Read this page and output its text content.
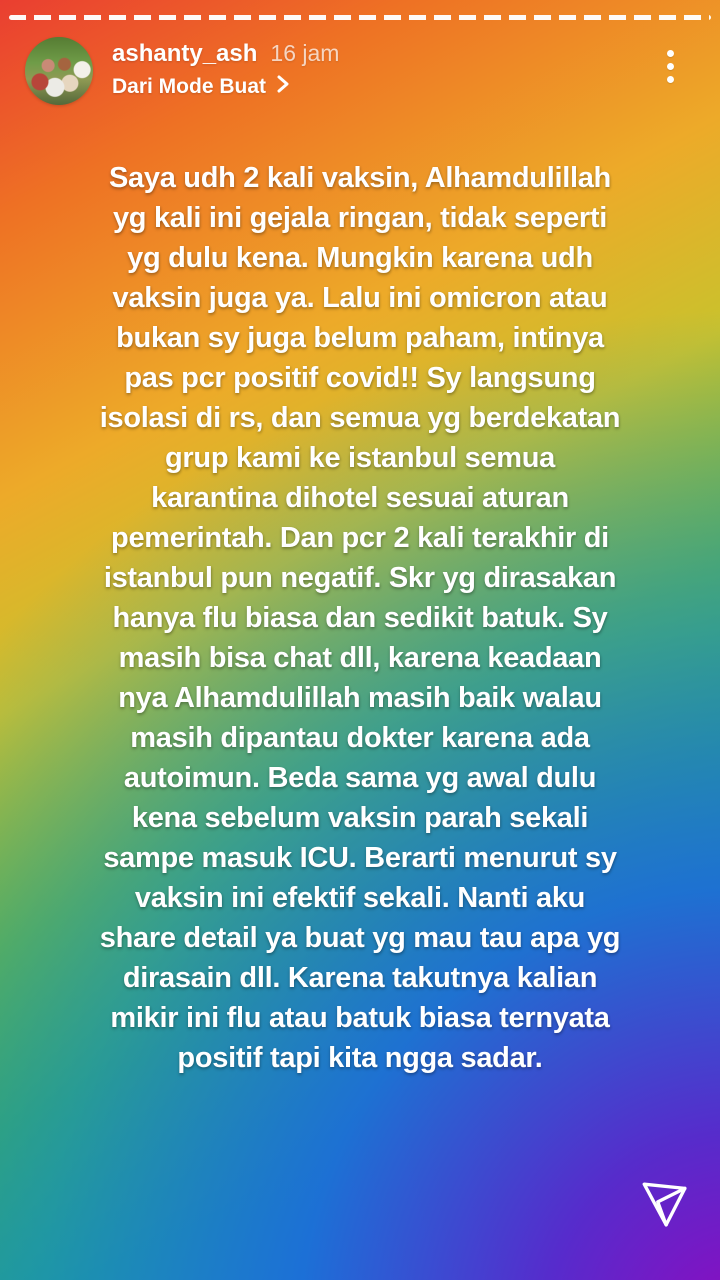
ashanty_ash 16 jam
Dari Mode Buat
Saya udh 2 kali vaksin, Alhamdulillah
yg kali ini gejala ringan, tidak seperti
yg dulu kena. Mungkin karena udh
vaksin juga ya. Lalu ini omicron atau
bukan sy juga belum paham, intinya
pas pcr positif covid!! Sy langsung
isolasi di rs, dan semua yg berdekatan
grup kami ke istanbul semua
karantina dihotel sesuai aturan
pemerintah. Dan pcr 2 kali terakhir di
istanbul pun negatif. Skr yg dirasakan
hanya flu biasa dan sedikit batuk. Sy
masih bisa chat dll, karena keadaan
nya Alhamdulillah masih baik walau
masih dipantau dokter karena ada
autoimun. Beda sama yg awal dulu
kena sebelum vaksin parah sekali
sampe masuk ICU. Berarti menurut sy
vaksin ini efektif sekali. Nanti aku
share detail ya buat yg mau tau apa yg
dirasain dll. Karena takutnya kalian
mikir ini flu atau batuk biasa ternyata
positif tapi kita ngga sadar.
